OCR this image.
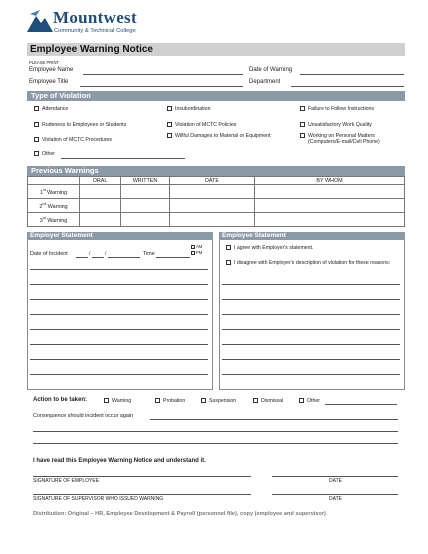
Mountwest
Community & Technical College
Employee Warning Notice
PLEASE PRINT
Employee Name	Date of Warning
Employee Title	Department
Type of Violation
Attendance	Insubordination	Failure to Follow Instructions
Rudeness to Employees or Students	Violation of MCTC Policies	Unsatisfactory Work Quality
Violation of MCTC Procedures
Willful Damages to Material or Equipment	Working on Personal Matters (Computers/E-mail/Cell Phone)
Other
Previous Warnings
	ORAL	WRITTEN	DATE	BY WHOM
1st Warning				
2nd Warning				
3rd Warning				
Employer Statement
Date of Incident	/	/	Time
AM
PM
Employee Statement
I agree with Employer's statement.
I disagree with Employer's description of violation for these reasons:
Action to be taken:	Warning	Probation	Suspension	Dismissal	Other
Consequence should incident occur again
I have read this Employee Warning Notice and understand it.
SIGNATURE OF EMPLOYEE	DATE
SIGNATURE OF SUPERVISOR WHO ISSUED WARNING	DATE
Distribution: Original – HR, Employee Development & Payroll (personnel file), copy (employee and supervisor)
